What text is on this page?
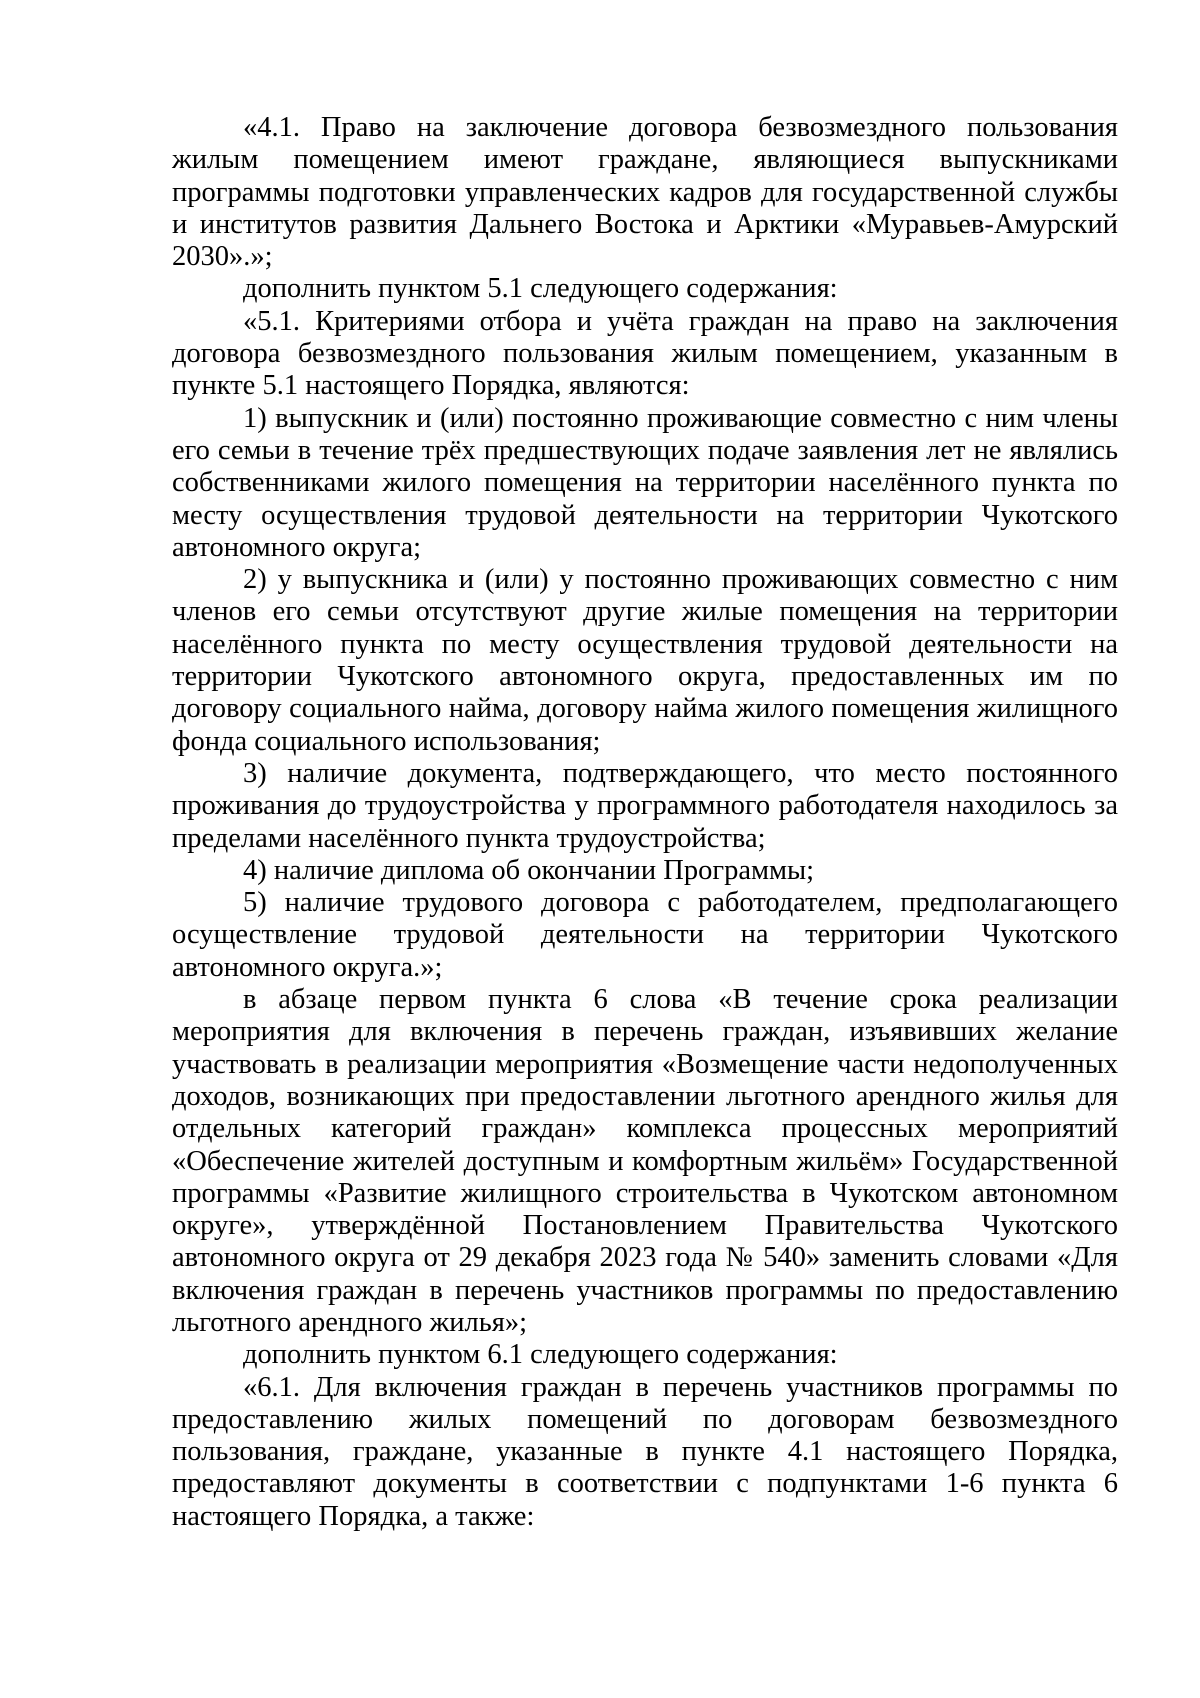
«4.1. Право на заключение договора безвозмездного пользования жилым помещением имеют граждане, являющиеся выпускниками программы подготовки управленческих кадров для государственной службы и институтов развития Дальнего Востока и Арктики «Муравьев-Амурский 2030».»;

дополнить пунктом 5.1 следующего содержания:

«5.1. Критериями отбора и учёта граждан на право на заключения договора безвозмездного пользования жилым помещением, указанным в пункте 5.1 настоящего Порядка, являются:

1) выпускник и (или) постоянно проживающие совместно с ним члены его семьи в течение трёх предшествующих подаче заявления лет не являлись собственниками жилого помещения на территории населённого пункта по месту осуществления трудовой деятельности на территории Чукотского автономного округа;

2) у выпускника и (или) у постоянно проживающих совместно с ним членов его семьи отсутствуют другие жилые помещения на территории населённого пункта по месту осуществления трудовой деятельности на территории Чукотского автономного округа, предоставленных им по договору социального найма, договору найма жилого помещения жилищного фонда социального использования;

3) наличие документа, подтверждающего, что место постоянного проживания до трудоустройства у программного работодателя находилось за пределами населённого пункта трудоустройства;

4) наличие диплома об окончании Программы;

5) наличие трудового договора с работодателем, предполагающего осуществление трудовой деятельности на территории Чукотского автономного округа.»;

в абзаце первом пункта 6 слова «В течение срока реализации мероприятия для включения в перечень граждан, изъявивших желание участвовать в реализации мероприятия «Возмещение части недополученных доходов, возникающих при предоставлении льготного арендного жилья для отдельных категорий граждан» комплекса процессных мероприятий «Обеспечение жителей доступным и комфортным жильём» Государственной программы «Развитие жилищного строительства в Чукотском автономном округе», утверждённой Постановлением Правительства Чукотского автономного округа от 29 декабря 2023 года № 540» заменить словами «Для включения граждан в перечень участников программы по предоставлению льготного арендного жилья»;

дополнить пунктом 6.1 следующего содержания:

«6.1. Для включения граждан в перечень участников программы по предоставлению жилых помещений по договорам безвозмездного пользования, граждане, указанные в пункте 4.1 настоящего Порядка, предоставляют документы в соответствии с подпунктами 1-6 пункта 6 настоящего Порядка, а также:
